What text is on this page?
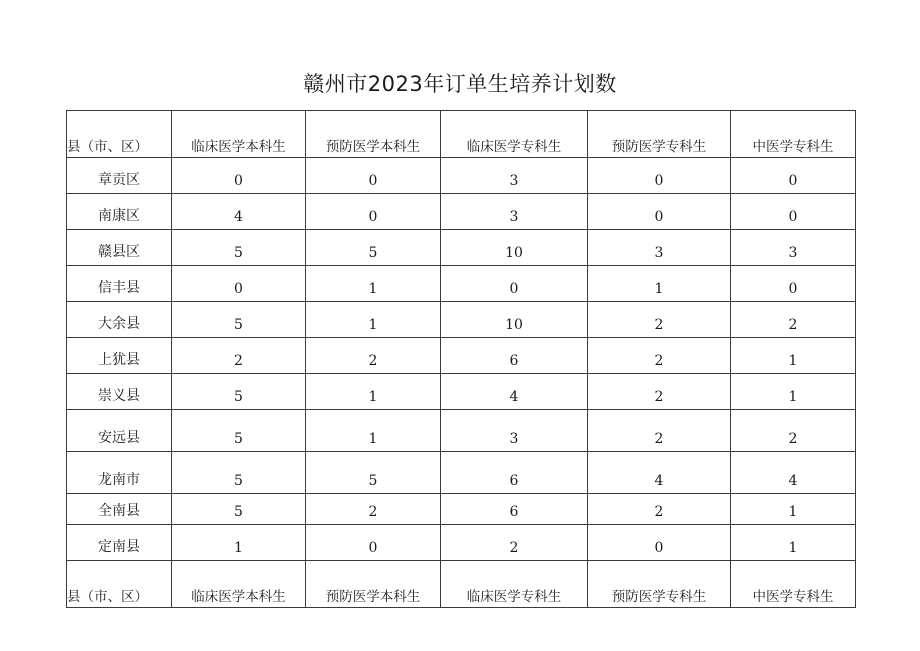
赣州市2023年订单生培养计划数
县（市、区）	临床医学本科生	预防医学本科生	临床医学专科生	预防医学专科生	中医学专科生
章贡区	0	0	3	0	0
南康区	4	0	3	0	0
赣县区	5	5	10	3	3
信丰县	0	1	0	1	0
大余县	5	1	10	2	2
上犹县	2	2	6	2	1
崇义县	5	1	4	2	1
安远县	5	1	3	2	2
龙南市	5	5	6	4	4
全南县	5	2	6	2	1
定南县	1	0	2	0	1
县（市、区）	临床医学本科生	预防医学本科生	临床医学专科生	预防医学专科生	中医学专科生
